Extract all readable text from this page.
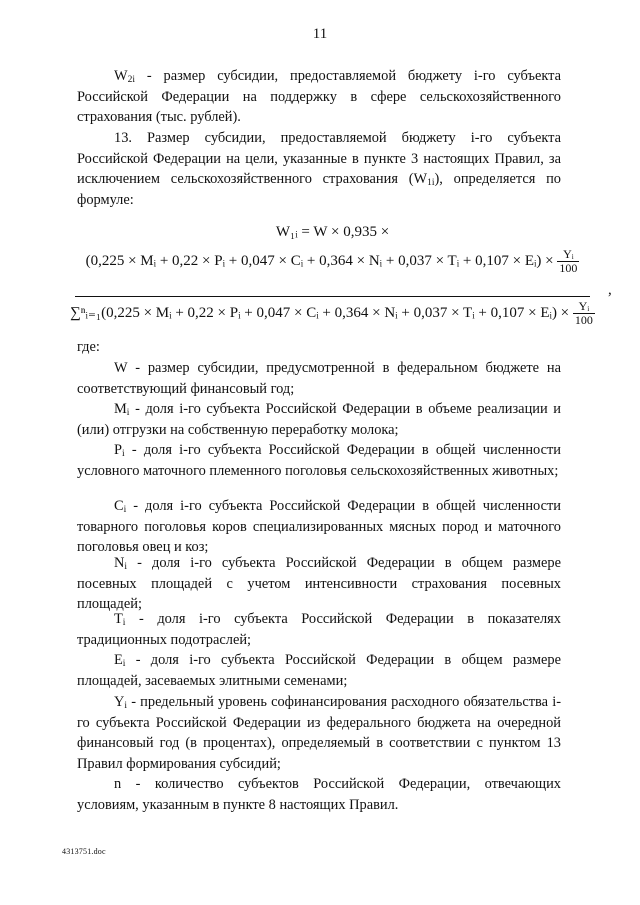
11

$W_{2i}$ - размер субсидии, предоставляемой бюджету i-го субъекта Российской Федерации на поддержку в сфере сельскохозяйственного страхования (тыс. рублей).

13. Размер субсидии, предоставляемой бюджету i-го субъекта Российской Федерации на цели, указанные в пункте 3 настоящих Правил, за исключением сельскохозяйственного страхования $(W_{1i})$, определяется по формуле:

W₁ᵢ = W × 0,935 ×
(0,225 × Mᵢ + 0,22 × Pᵢ + 0,047 × Cᵢ + 0,364 × Nᵢ + 0,037 × Tᵢ + 0,107 × Eᵢ) × $\frac{\text{Yᵢ}}{100}$
∑ⁿᵢ₌₁(0,225 × Mᵢ + 0,22 × Pᵢ + 0,047 × Cᵢ + 0,364 × Nᵢ + 0,037 × Tᵢ + 0,107 × Eᵢ) × $\frac{\text{Yᵢ}}{100}$
,

где:

W - размер субсидии, предусмотренной в федеральном бюджете на соответствующий финансовый год;

$M_i$ - доля i-го субъекта Российской Федерации в объеме реализации и (или) отгрузки на собственную переработку молока;

$P_i$ - доля i-го субъекта Российской Федерации в общей численности условного маточного племенного поголовья сельскохозяйственных животных;

$C_i$ - доля i-го субъекта Российской Федерации в общей численности товарного поголовья коров специализированных мясных пород и маточного поголовья овец и коз;

$N_i$ - доля i-го субъекта Российской Федерации в общем размере посевных площадей с учетом интенсивности страхования посевных площадей;

$T_i$ - доля i-го субъекта Российской Федерации в показателях традиционных подотраслей;

$E_i$ - доля i-го субъекта Российской Федерации в общем размере площадей, засеваемых элитными семенами;

$Y_i$ - предельный уровень софинансирования расходного обязательства i-го субъекта Российской Федерации из федерального бюджета на очередной финансовый год (в процентах), определяемый в соответствии с пунктом 13 Правил формирования субсидий;

n - количество субъектов Российской Федерации, отвечающих условиям, указанным в пункте 8 настоящих Правил.

4313751.doc
